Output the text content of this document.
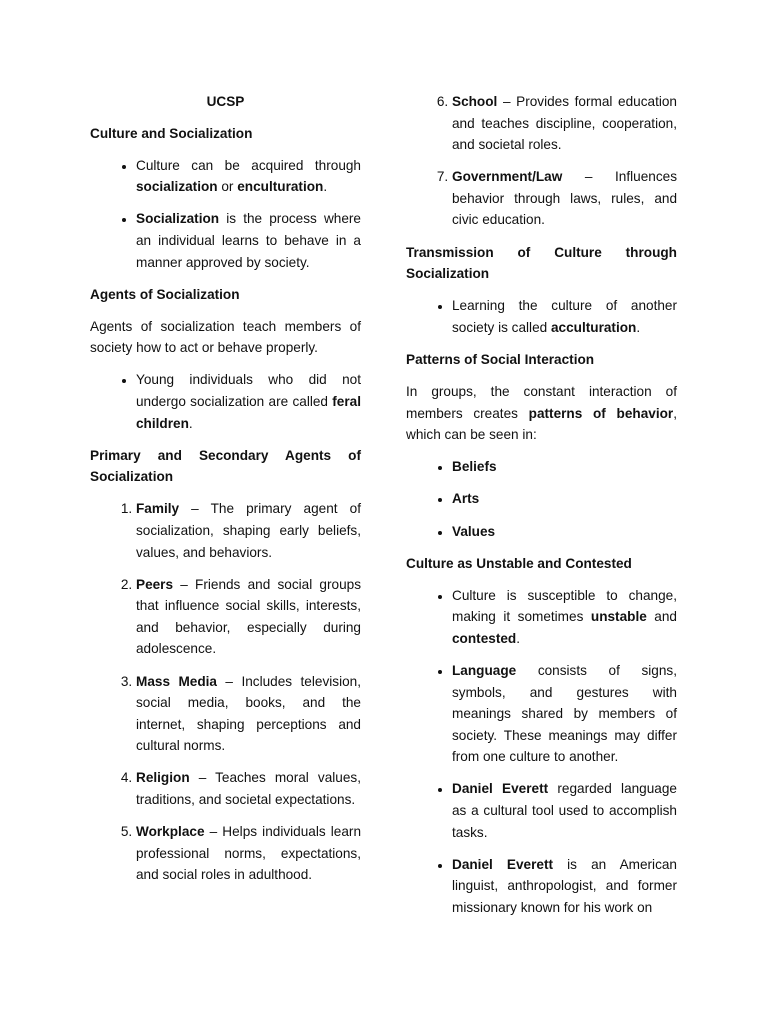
UCSP
Culture and Socialization
• Culture can be acquired through socialization or enculturation.
• Socialization is the process where an individual learns to behave in a manner approved by society.
Agents of Socialization

Agents of socialization teach members of society how to act or behave properly.

• Young individuals who did not undergo socialization are called feral children.
Primary and Secondary Agents of Socialization
1. Family – The primary agent of socialization, shaping early beliefs, values, and behaviors.
2. Peers – Friends and social groups that influence social skills, interests, and behavior, especially during adolescence.
3. Mass Media – Includes television, social media, books, and the internet, shaping perceptions and cultural norms.
4. Religion – Teaches moral values, traditions, and societal expectations.
5. Workplace – Helps individuals learn professional norms, expectations, and social roles in adulthood.
6. School – Provides formal education and teaches discipline, cooperation, and societal roles.
7. Government/Law – Influences behavior through laws, rules, and civic education.
Transmission of Culture through Socialization
• Learning the culture of another society is called acculturation.
Patterns of Social Interaction

In groups, the constant interaction of members creates patterns of behavior, which can be seen in:

• Beliefs
• Arts
• Values
Culture as Unstable and Contested
• Culture is susceptible to change, making it sometimes unstable and contested.
• Language consists of signs, symbols, and gestures with meanings shared by members of society. These meanings may differ from one culture to another.
• Daniel Everett regarded language as a cultural tool used to accomplish tasks.
• Daniel Everett is an American linguist, anthropologist, and former missionary known for his work on
